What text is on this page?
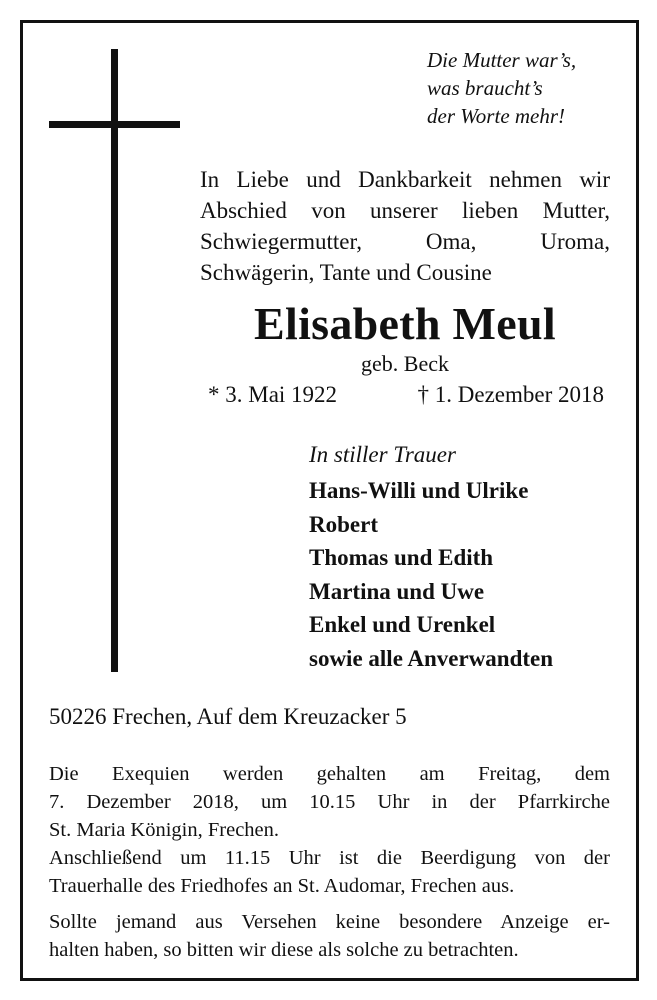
Die Mutter war’s,
was braucht’s
der Worte mehr!
In Liebe und Dankbarkeit nehmen wir
Abschied von unserer lieben Mutter,
Schwiegermutter, Oma, Uroma,
Schwägerin, Tante und Cousine
Elisabeth Meul
geb. Beck
* 3. Mai 1922	† 1. Dezember 2018
In stiller Trauer
Hans-Willi und Ulrike
Robert
Thomas und Edith
Martina und Uwe
Enkel und Urenkel
sowie alle Anverwandten
50226 Frechen, Auf dem Kreuzacker 5
Die Exequien werden gehalten am Freitag, dem
7. Dezember 2018, um 10.15 Uhr in der Pfarrkirche
St. Maria Königin, Frechen.
Anschließend um 11.15 Uhr ist die Beerdigung von der
Trauerhalle des Friedhofes an St. Audomar, Frechen aus.
Sollte jemand aus Versehen keine besondere Anzeige er-
halten haben, so bitten wir diese als solche zu betrachten.
